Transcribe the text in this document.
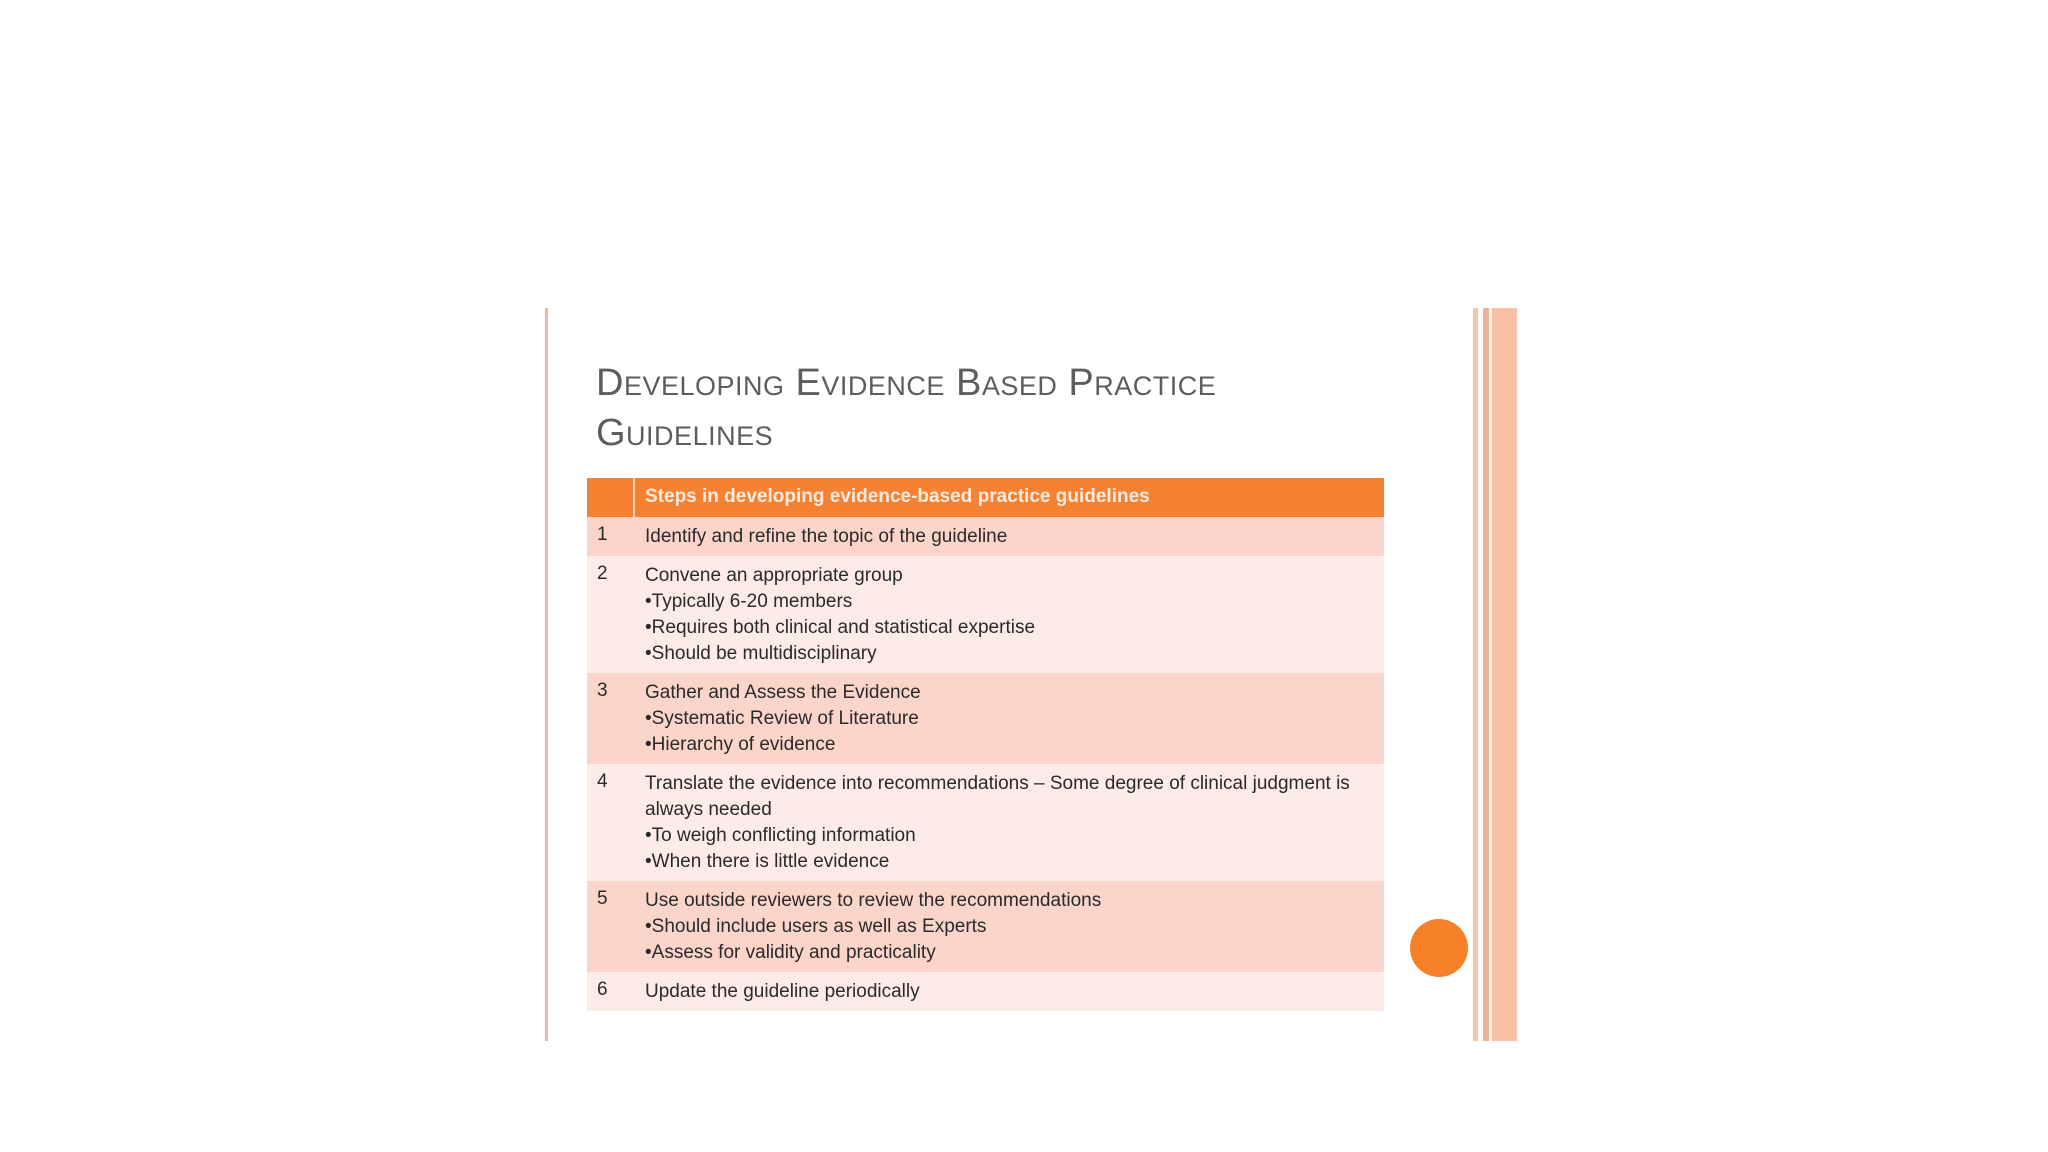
Developing Evidence Based Practice
Guidelines
Steps in developing evidence-based practice guidelines
1	Identify and refine the topic of the guideline
2	Convene an appropriate group
•Typically 6-20 members
•Requires both clinical and statistical expertise
•Should be multidisciplinary
3	Gather and Assess the Evidence
•Systematic Review of Literature
•Hierarchy of evidence
4	Translate the evidence into recommendations – Some degree of clinical judgment is always needed
•To weigh conflicting information
•When there is little evidence
5	Use outside reviewers to review the recommendations
•Should include users as well as Experts
•Assess for validity and practicality
6	Update the guideline periodically
